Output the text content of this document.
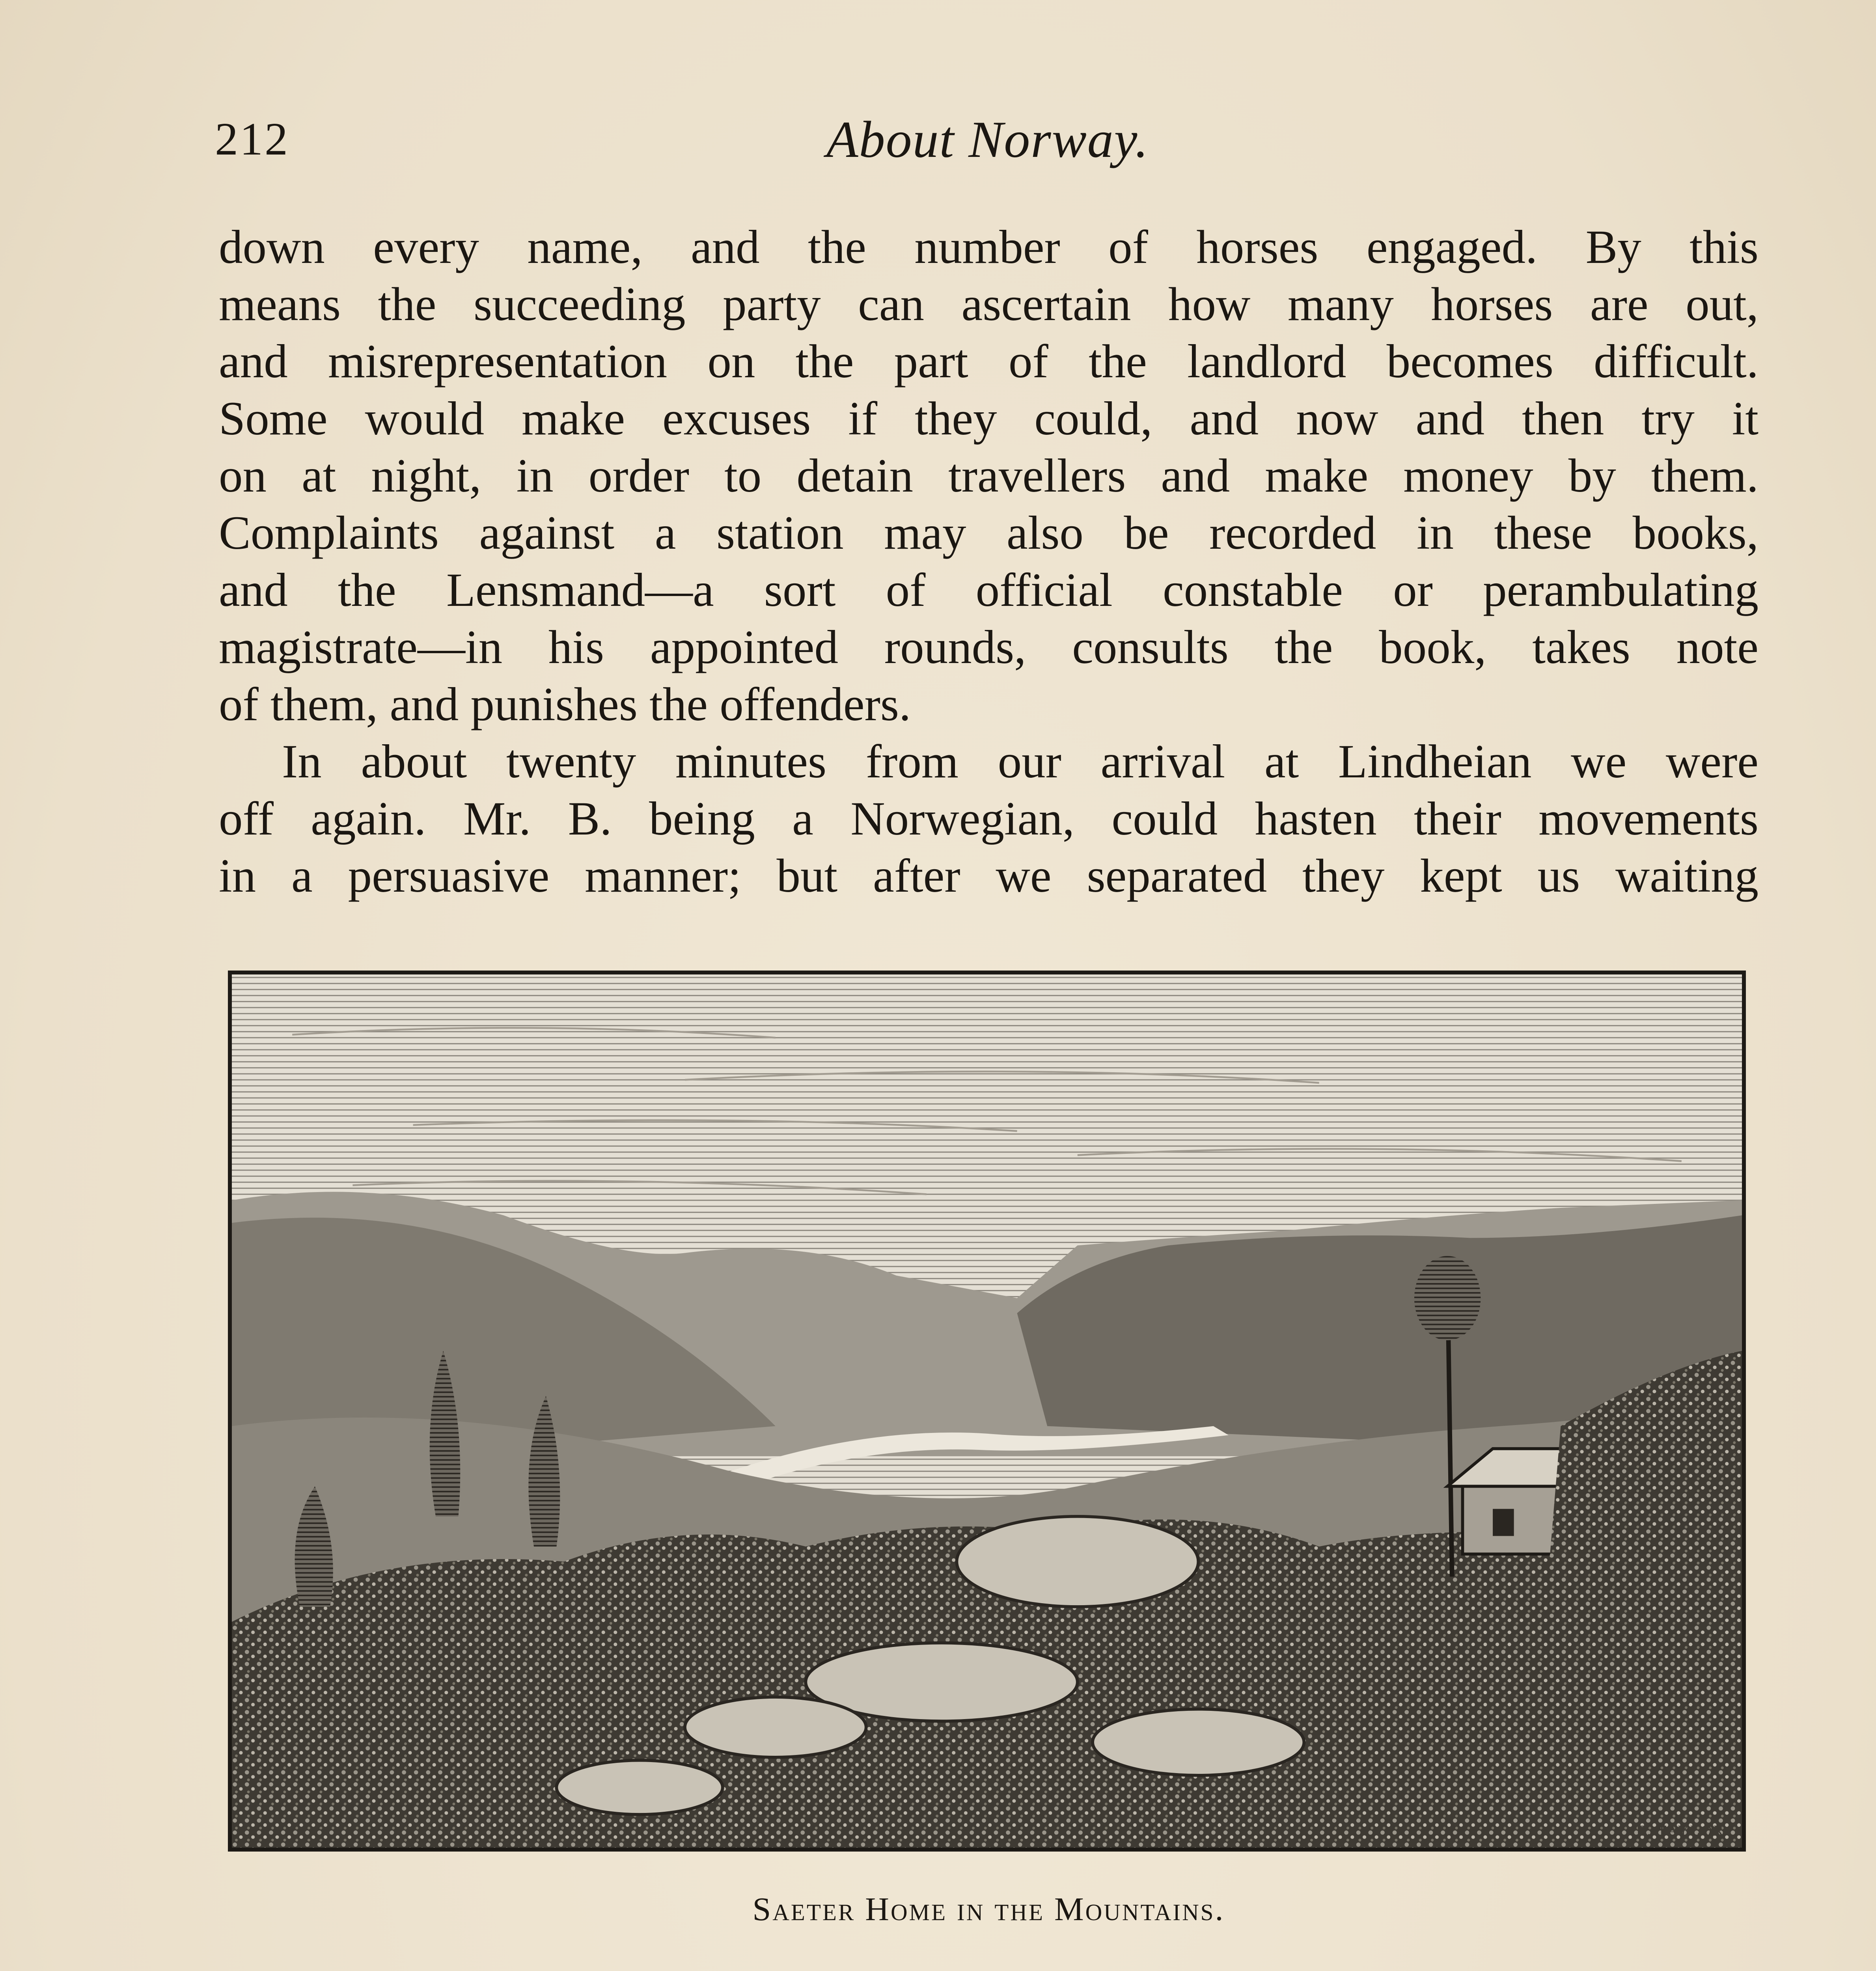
212	About Norway.
down every name, and the number of horses engaged. By this
means the succeeding party can ascertain how many horses are out,
and misrepresentation on the part of the landlord becomes difficult.
Some would make excuses if they could, and now and then try it
on at night, in order to detain travellers and make money by them.
Complaints against a station may also be recorded in these books,
and the Lensmand—a sort of official constable or perambulating
magistrate—in his appointed rounds, consults the book, takes note
of them, and punishes the offenders.
In about twenty minutes from our arrival at Lindheian we were
off again. Mr. B. being a Norwegian, could hasten their movements
in a persuasive manner; but after we separated they kept us waiting
E. TAYLOR
Saeter Home in the Mountains.
